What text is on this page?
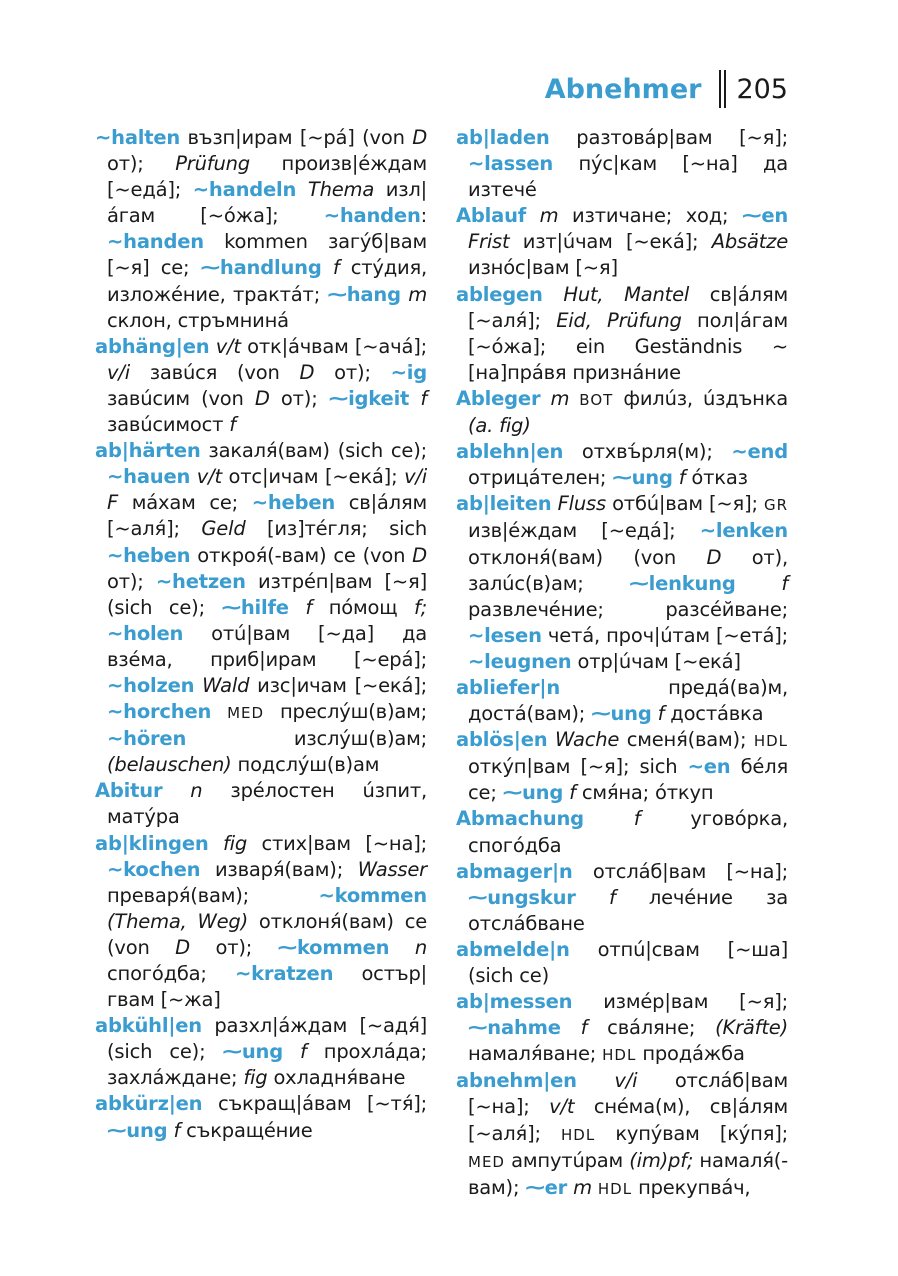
Abnehmer 205

~halten възп|ирам [~pá] (von D от); Prüfung произв|éждам [~едá]; ~handeln Thema изл|áгам [~óжа]; ~handen: ~handen kommen загýб|вам [~я] се; ⁓handlung f стýдия, изложéние, трактáт; ⁓hang m склон, стръмнинá

abhäng|en v/t отк|áчвам [~ачá]; v/i завúся (von D от); ~ig завúсим (von D от); ⁓igkeit f завúсимост f

ab|härten закаля́(вам) (sich се); ~hauen v/t отс|ичам [~екá]; v/i F мáхам се; ~heben св|áлям [~аля́]; Geld [из]тéгля; sich ~heben откроя́(-вам) се (von D от); ~hetzen изтрéп|вам [~я] (sich се); ⁓hilfe f пóмощ f; ~holen отú|вам [~да] да взéма, приб|ирам [~ерá]; ~holzen Wald изс|ичам [~екá]; ~horchen MED преслýш(в)ам; ~hören	изслýш(в)ам; (belauschen) подслýш(в)ам

Abitur n зрéлостен úзпит, матýра

ab|klingen fig стих|вам [~на]; ~kochen изваря́(вам); Wasser преваря́(вам);	~kommen (Thema, Weg) отклоня́(вам) се (von D от); ⁓kommen n спогóдба; ~kratzen остър|гвам [~жа]

abkühl|en разхл|áждам [~адя́] (sich се); ⁓ung f прохлáда; захлáждане; fig охладня́ване

abkürz|en съкращ|áвам [~тя́]; ⁓ung f съкращéние

ab|laden разтовáр|вам [~я]; ~lassen пýс|кам [~на] да изтечé

Ablauf m изтичане; ход; ⁓en Frist изт|úчам [~екá]; Absätze изнóс|вам [~я]

ablegen Hut, Mantel св|áлям [~аля́]; Eid, Prüfung пол|áгам [~óжа]; ein Geständnis ~ [на]прáвя признáние

Ableger m BOT филúз, úздънка (a. fig)

ablehn|en отхвъ́рля(м); ~end отрицáтелен; ⁓ung f óтказ

ab|leiten Fluss отбú|вам [~я]; GR изв|éждам [~едá]; ~lenken отклоня́(вам) (von D от), залúс(в)ам; ⁓lenkung f развлечéние;	разсéйване; ~lesen четá, проч|úтам [~етá]; ~leugnen отр|úчам [~екá]

abliefer|n	предá(ва)м, достá(вам); ⁓ung f достáвка

ablös|en Wache сменя́(вам); HDL откýп|вам [~я]; sich ~en бéля се; ⁓ung f смя́на; óткуп

Abmachung	f	уговóрка, спогóдба

abmager|n отслáб|вам [~на]; ⁓ungskur f лечéние за отслáбване

abmelde|n отпú|свам [~ша] (sich се)

ab|messen измéр|вам [~я]; ⁓nahme f свáляне; (Kräfte) намаля́ване; HDL продáжба

abnehm|en v/i отслáб|вам [~на]; v/t снéма(м), св|áлям [~аля́]; HDL купýвам [кýпя]; MED ампутúрам (im)pf; намаля́(-вам); ⁓er m HDL прекупвáч,
